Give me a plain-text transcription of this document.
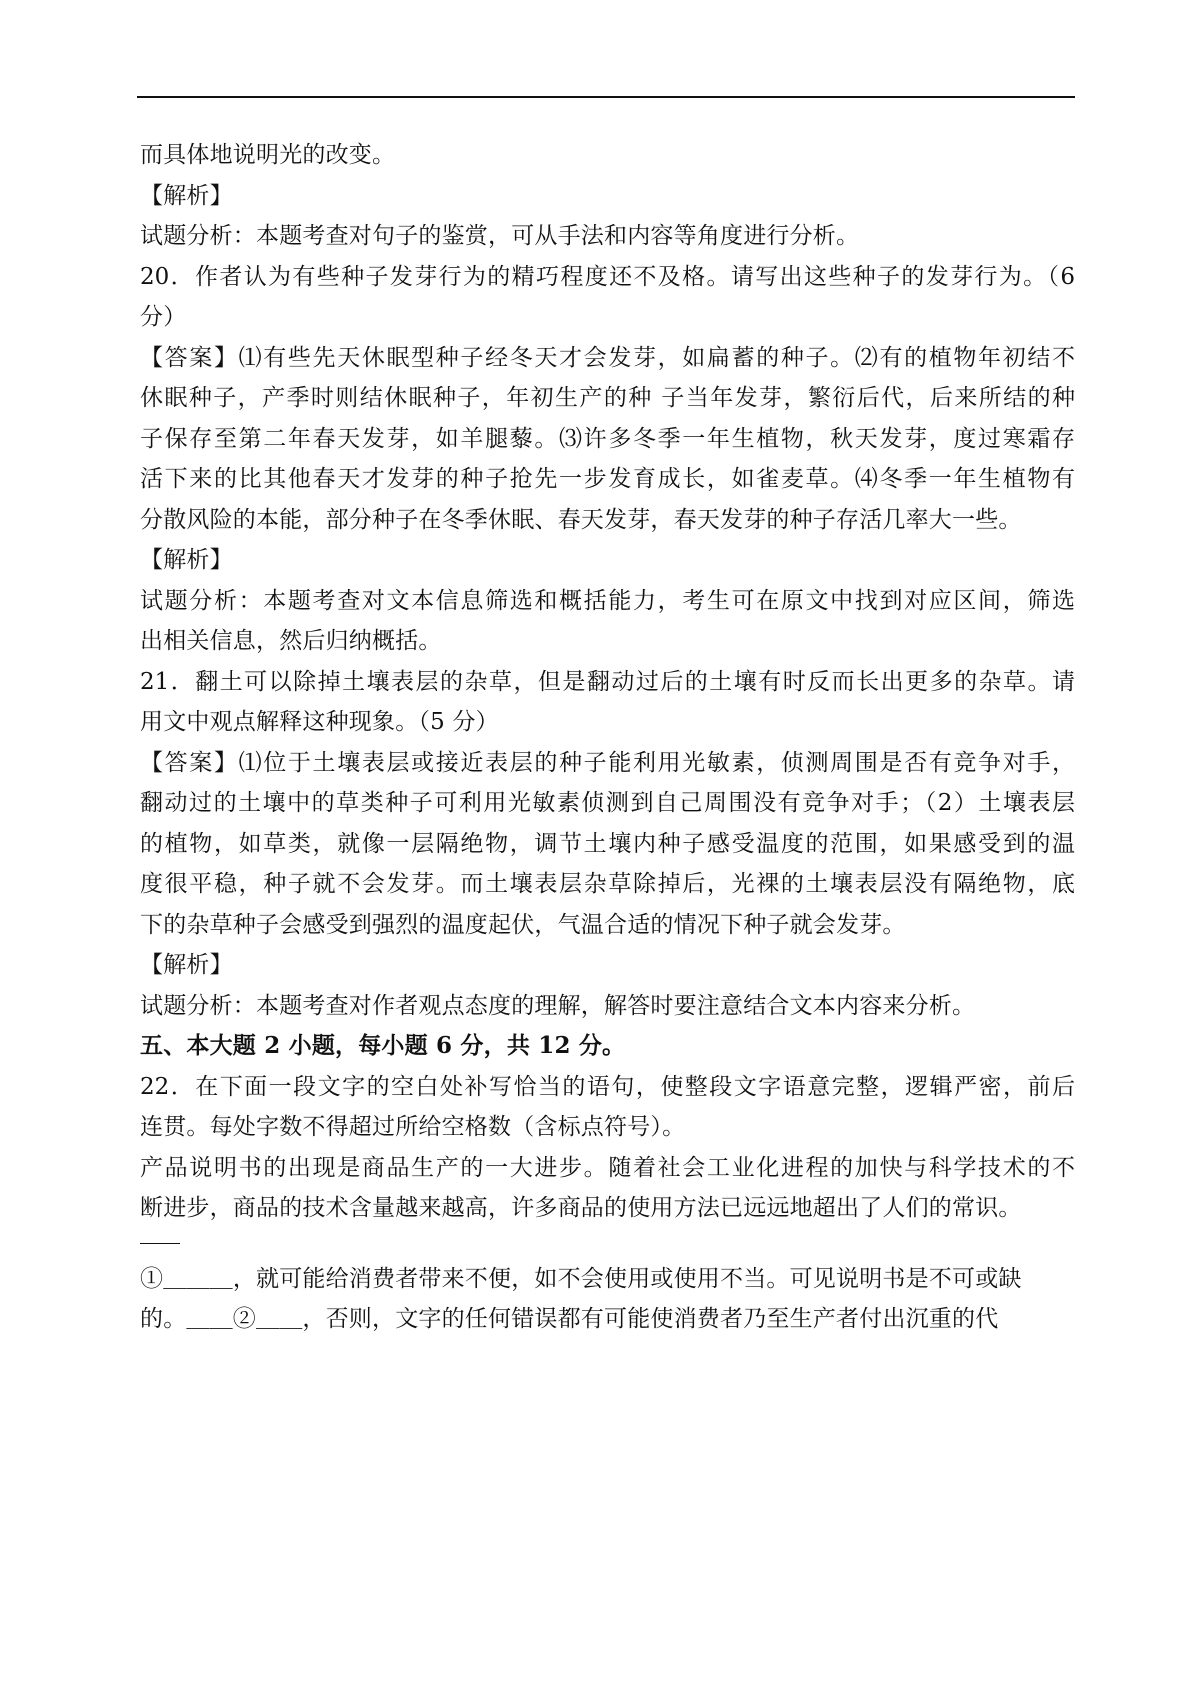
而具体地说明光的改变。
【解析】
试题分析：本题考查对句子的鉴赏，可从手法和内容等角度进行分析。
20．作者认为有些种子发芽行为的精巧程度还不及格。请写出这些种子的发芽行为。（6
分）
【答案】⑴有些先天休眠型种子经冬天才会发芽，如扁蓄的种子。⑵有的植物年初结不
休眠种子，产季时则结休眠种子，年初生产的种 子当年发芽，繁衍后代，后来所结的种
子保存至第二年春天发芽，如羊腿藜。⑶许多冬季一年生植物，秋天发芽，度过寒霜存
活下来的比其他春天才发芽的种子抢先一步发育成长，如雀麦草。⑷冬季一年生植物有
分散风险的本能，部分种子在冬季休眠、春天发芽，春天发芽的种子存活几率大一些。
【解析】
试题分析：本题考查对文本信息筛选和概括能力，考生可在原文中找到对应区间，筛选
出相关信息，然后归纳概括。
21．翻土可以除掉土壤表层的杂草，但是翻动过后的土壤有时反而长出更多的杂草。请
用文中观点解释这种现象。（5 分）
【答案】⑴位于土壤表层或接近表层的种子能利用光敏素，侦测周围是否有竞争对手，
翻动过的土壤中的草类种子可利用光敏素侦测到自己周围没有竞争对手；（2）土壤表层
的植物，如草类，就像一层隔绝物，调节土壤内种子感受温度的范围，如果感受到的温
度很平稳，种子就不会发芽。而土壤表层杂草除掉后，光裸的土壤表层没有隔绝物，底
下的杂草种子会感受到强烈的温度起伏，气温合适的情况下种子就会发芽。
【解析】
试题分析：本题考查对作者观点态度的理解，解答时要注意结合文本内容来分析。
五、本大题 2 小题，每小题 6 分，共 12 分。
22．在下面一段文字的空白处补写恰当的语句，使整段文字语意完整，逻辑严密，前后
连贯。每处字数不得超过所给空格数（含标点符号）。
产品说明书的出现是商品生产的一大进步。随着社会工业化进程的加快与科学技术的不
断进步，商品的技术含量越来越高，许多商品的使用方法已远远地超出了人们的常识。
①＿＿＿，就可能给消费者带来不便，如不会使用或使用不当。可见说明书是不可或缺
的。＿＿②＿＿，否则，文字的任何错误都有可能使消费者乃至生产者付出沉重的代
